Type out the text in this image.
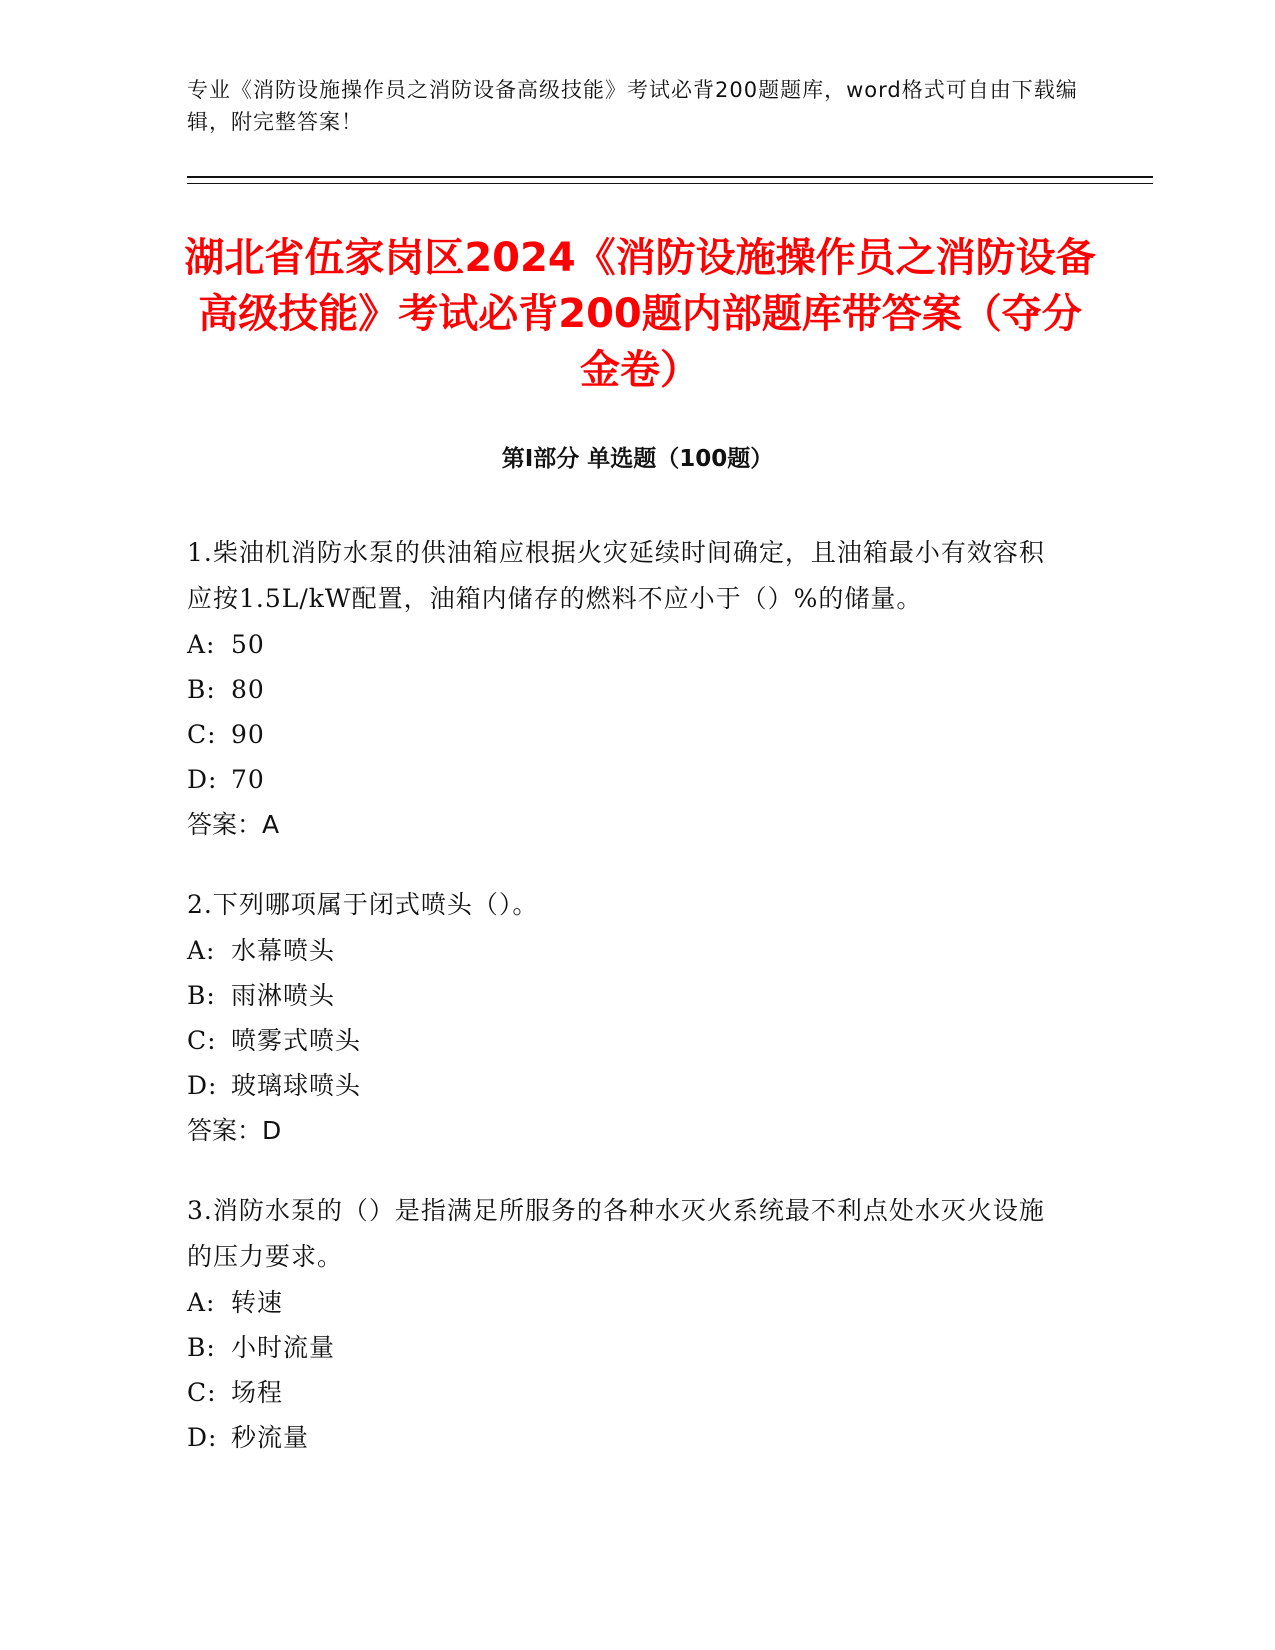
专业《消防设施操作员之消防设备高级技能》考试必背200题题库，word格式可自由下载编辑，附完整答案！
湖北省伍家岗区2024《消防设施操作员之消防设备高级技能》考试必背200题内部题库带答案（夺分金卷）
第I部分 单选题（100题）
1.柴油机消防水泵的供油箱应根据火灾延续时间确定，且油箱最小有效容积应按1.5L/kW配置，油箱内储存的燃料不应小于（）%的储量。
A: 50
B: 80
C: 90
D: 70
答案：A
2.下列哪项属于闭式喷头（）。
A: 水幕喷头
B: 雨淋喷头
C: 喷雾式喷头
D: 玻璃球喷头
答案：D
3.消防水泵的（）是指满足所服务的各种水灭火系统最不利点处水灭火设施的压力要求。
A: 转速
B: 小时流量
C: 场程
D: 秒流量
